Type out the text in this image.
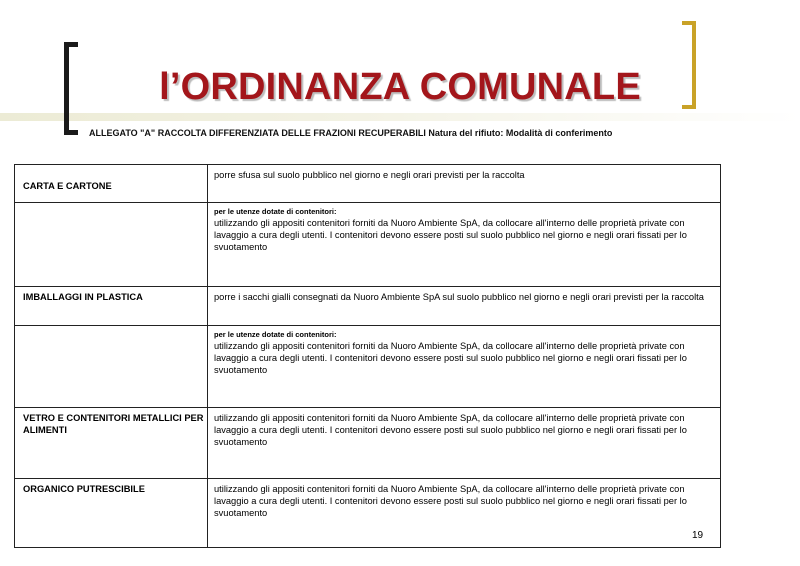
l’ORDINANZA COMUNALE

ALLEGATO "A" RACCOLTA DIFFERENZIATA DELLE FRAZIONI RECUPERABILI Natura del rifiuto: Modalità di conferimento

CARTA E CARTONE	porre sfusa sul suolo pubblico nel giorno e negli orari previsti per la raccolta

	per le utenze dotate di contenitori:
utilizzando gli appositi contenitori forniti da Nuoro Ambiente SpA, da collocare all'interno delle proprietà private con lavaggio a cura degli utenti. I contenitori devono essere posti sul suolo pubblico nel giorno e negli orari fissati per lo svuotamento
IMBALLAGGI IN PLASTICA	porre i sacchi gialli consegnati da Nuoro Ambiente SpA sul suolo pubblico nel giorno e negli orari previsti per la raccolta

	per le utenze dotate di contenitori:
utilizzando gli appositi contenitori forniti da Nuoro Ambiente SpA, da collocare all'interno delle proprietà private con lavaggio a cura degli utenti. I contenitori devono essere posti sul suolo pubblico nel giorno e negli orari fissati per lo svuotamento
VETRO E CONTENITORI METALLICI PER ALIMENTI	utilizzando gli appositi contenitori forniti da Nuoro Ambiente SpA, da collocare all'interno delle proprietà private con lavaggio a cura degli utenti. I contenitori devono essere posti sul suolo pubblico nel giorno e negli orari fissati per lo svuotamento
ORGANICO PUTRESCIBILE	utilizzando gli appositi contenitori forniti da Nuoro Ambiente SpA, da collocare all'interno delle proprietà private con lavaggio a cura degli utenti. I contenitori devono essere posti sul suolo pubblico nel giorno e negli orari fissati per lo svuotamento
19
